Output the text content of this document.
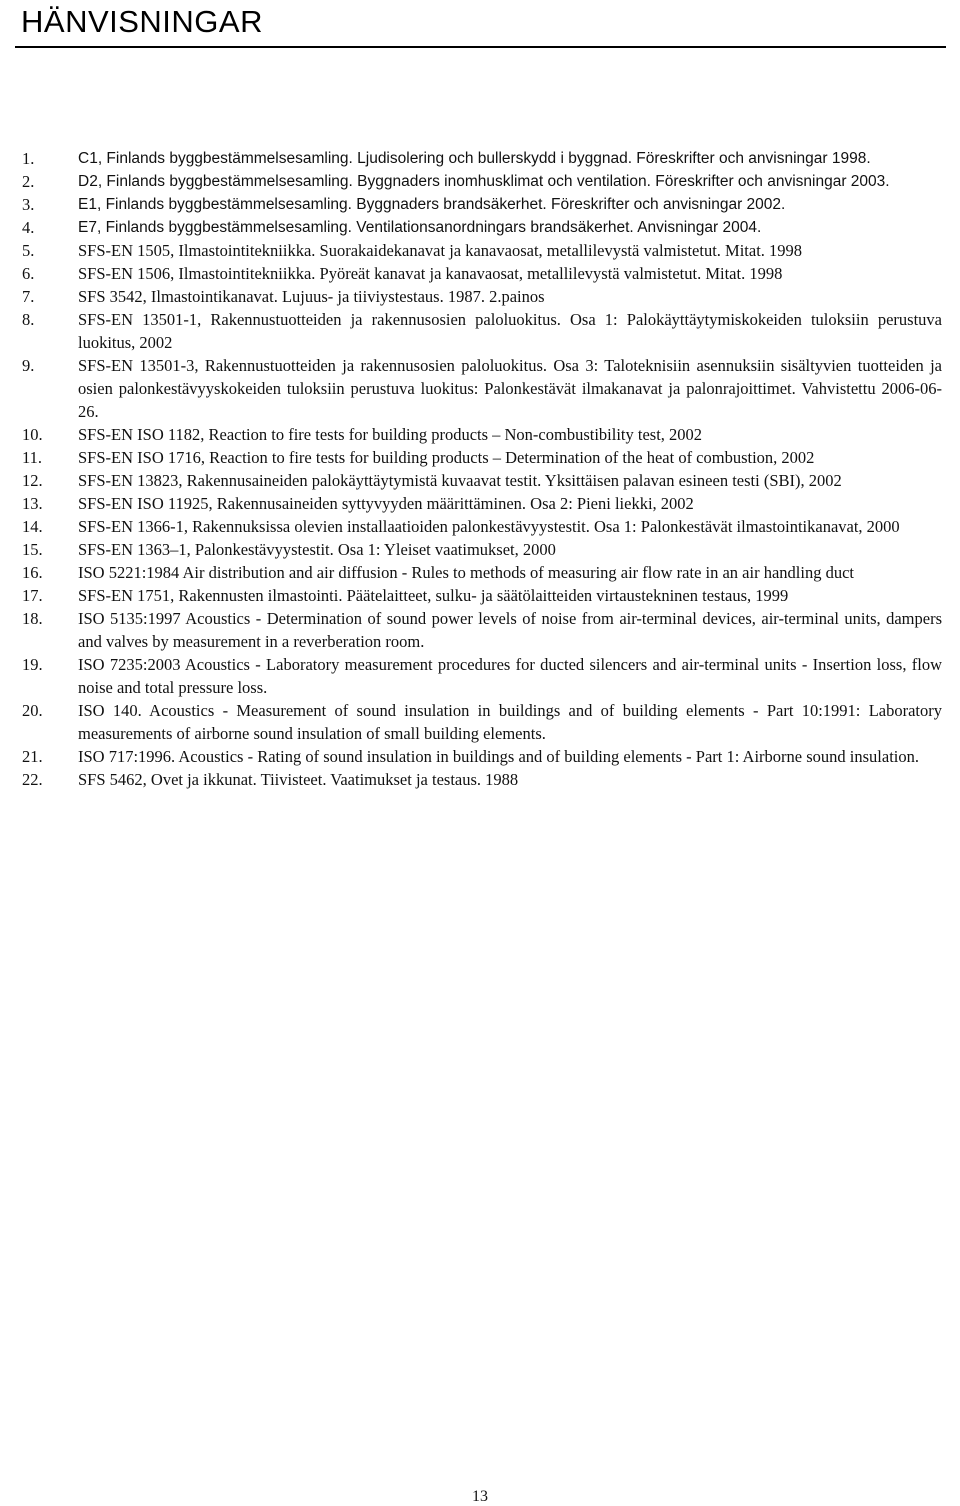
HÄNVISNINGAR
1.	C1, Finlands byggbestämmelsesamling. Ljudisolering och bullerskydd i byggnad. Föreskrifter och anvisningar 1998.
2.	D2, Finlands byggbestämmelsesamling. Byggnaders inomhusklimat och ventilation. Föreskrifter och anvisningar 2003.
3.	E1, Finlands byggbestämmelsesamling. Byggnaders brandsäkerhet. Föreskrifter och anvisningar 2002.
4.	E7, Finlands byggbestämmelsesamling. Ventilationsanordningars brandsäkerhet. Anvisningar 2004.
5.	SFS-EN 1505, Ilmastointitekniikka. Suorakaidekanavat ja kanavaosat, metallilevystä valmistetut. Mitat. 1998
6.	SFS-EN 1506, Ilmastointitekniikka. Pyöreät kanavat ja kanavaosat, metallilevystä valmistetut. Mitat. 1998
7.	SFS 3542, Ilmastointikanavat. Lujuus- ja tiiviystestaus. 1987. 2.painos
8.	SFS-EN 13501-1, Rakennustuotteiden ja rakennusosien paloluokitus. Osa 1: Palokäyttäytymiskokeiden tuloksiin perustuva luokitus, 2002
9.	SFS-EN 13501-3, Rakennustuotteiden ja rakennusosien paloluokitus. Osa 3: Taloteknisiin asennuksiin sisältyvien tuotteiden ja osien palonkestävyyskokeiden tuloksiin perustuva luokitus: Palonkestävät ilmakanavat ja palonrajoittimet. Vahvistettu 2006-06-26.
10.	SFS-EN ISO 1182, Reaction to fire tests for building products – Non-combustibility test, 2002
11.	SFS-EN ISO 1716, Reaction to fire tests for building products – Determination of the heat of combustion, 2002
12.	SFS-EN 13823, Rakennusaineiden palokäyttäytymistä kuvaavat testit. Yksittäisen palavan esineen testi (SBI), 2002
13.	SFS-EN ISO 11925, Rakennusaineiden syttyvyyden määrittäminen. Osa 2: Pieni liekki, 2002
14.	SFS-EN 1366-1, Rakennuksissa olevien installaatioiden palonkestävyystestit. Osa 1: Palonkestävät ilmastointikanavat, 2000
15.	SFS-EN 1363–1, Palonkestävyystestit. Osa 1: Yleiset vaatimukset, 2000
16.	ISO 5221:1984 Air distribution and air diffusion - Rules to methods of measuring air flow rate in an air handling duct
17.	SFS-EN 1751, Rakennusten ilmastointi. Päätelaitteet, sulku- ja säätölaitteiden virtaustekninen testaus, 1999
18.	ISO 5135:1997 Acoustics - Determination of sound power levels of noise from air-terminal devices, air-terminal units, dampers and valves by measurement in a reverberation room.
19.	ISO 7235:2003 Acoustics - Laboratory measurement procedures for ducted silencers and air-terminal units - Insertion loss, flow noise and total pressure loss.
20.	ISO 140. Acoustics - Measurement of sound insulation in buildings and of building elements - Part 10:1991: Laboratory measurements of airborne sound insulation of small building elements.
21.	ISO 717:1996. Acoustics - Rating of sound insulation in buildings and of building elements - Part 1: Airborne sound insulation.
22.	SFS 5462, Ovet ja ikkunat. Tiivisteet. Vaatimukset ja testaus. 1988
13
